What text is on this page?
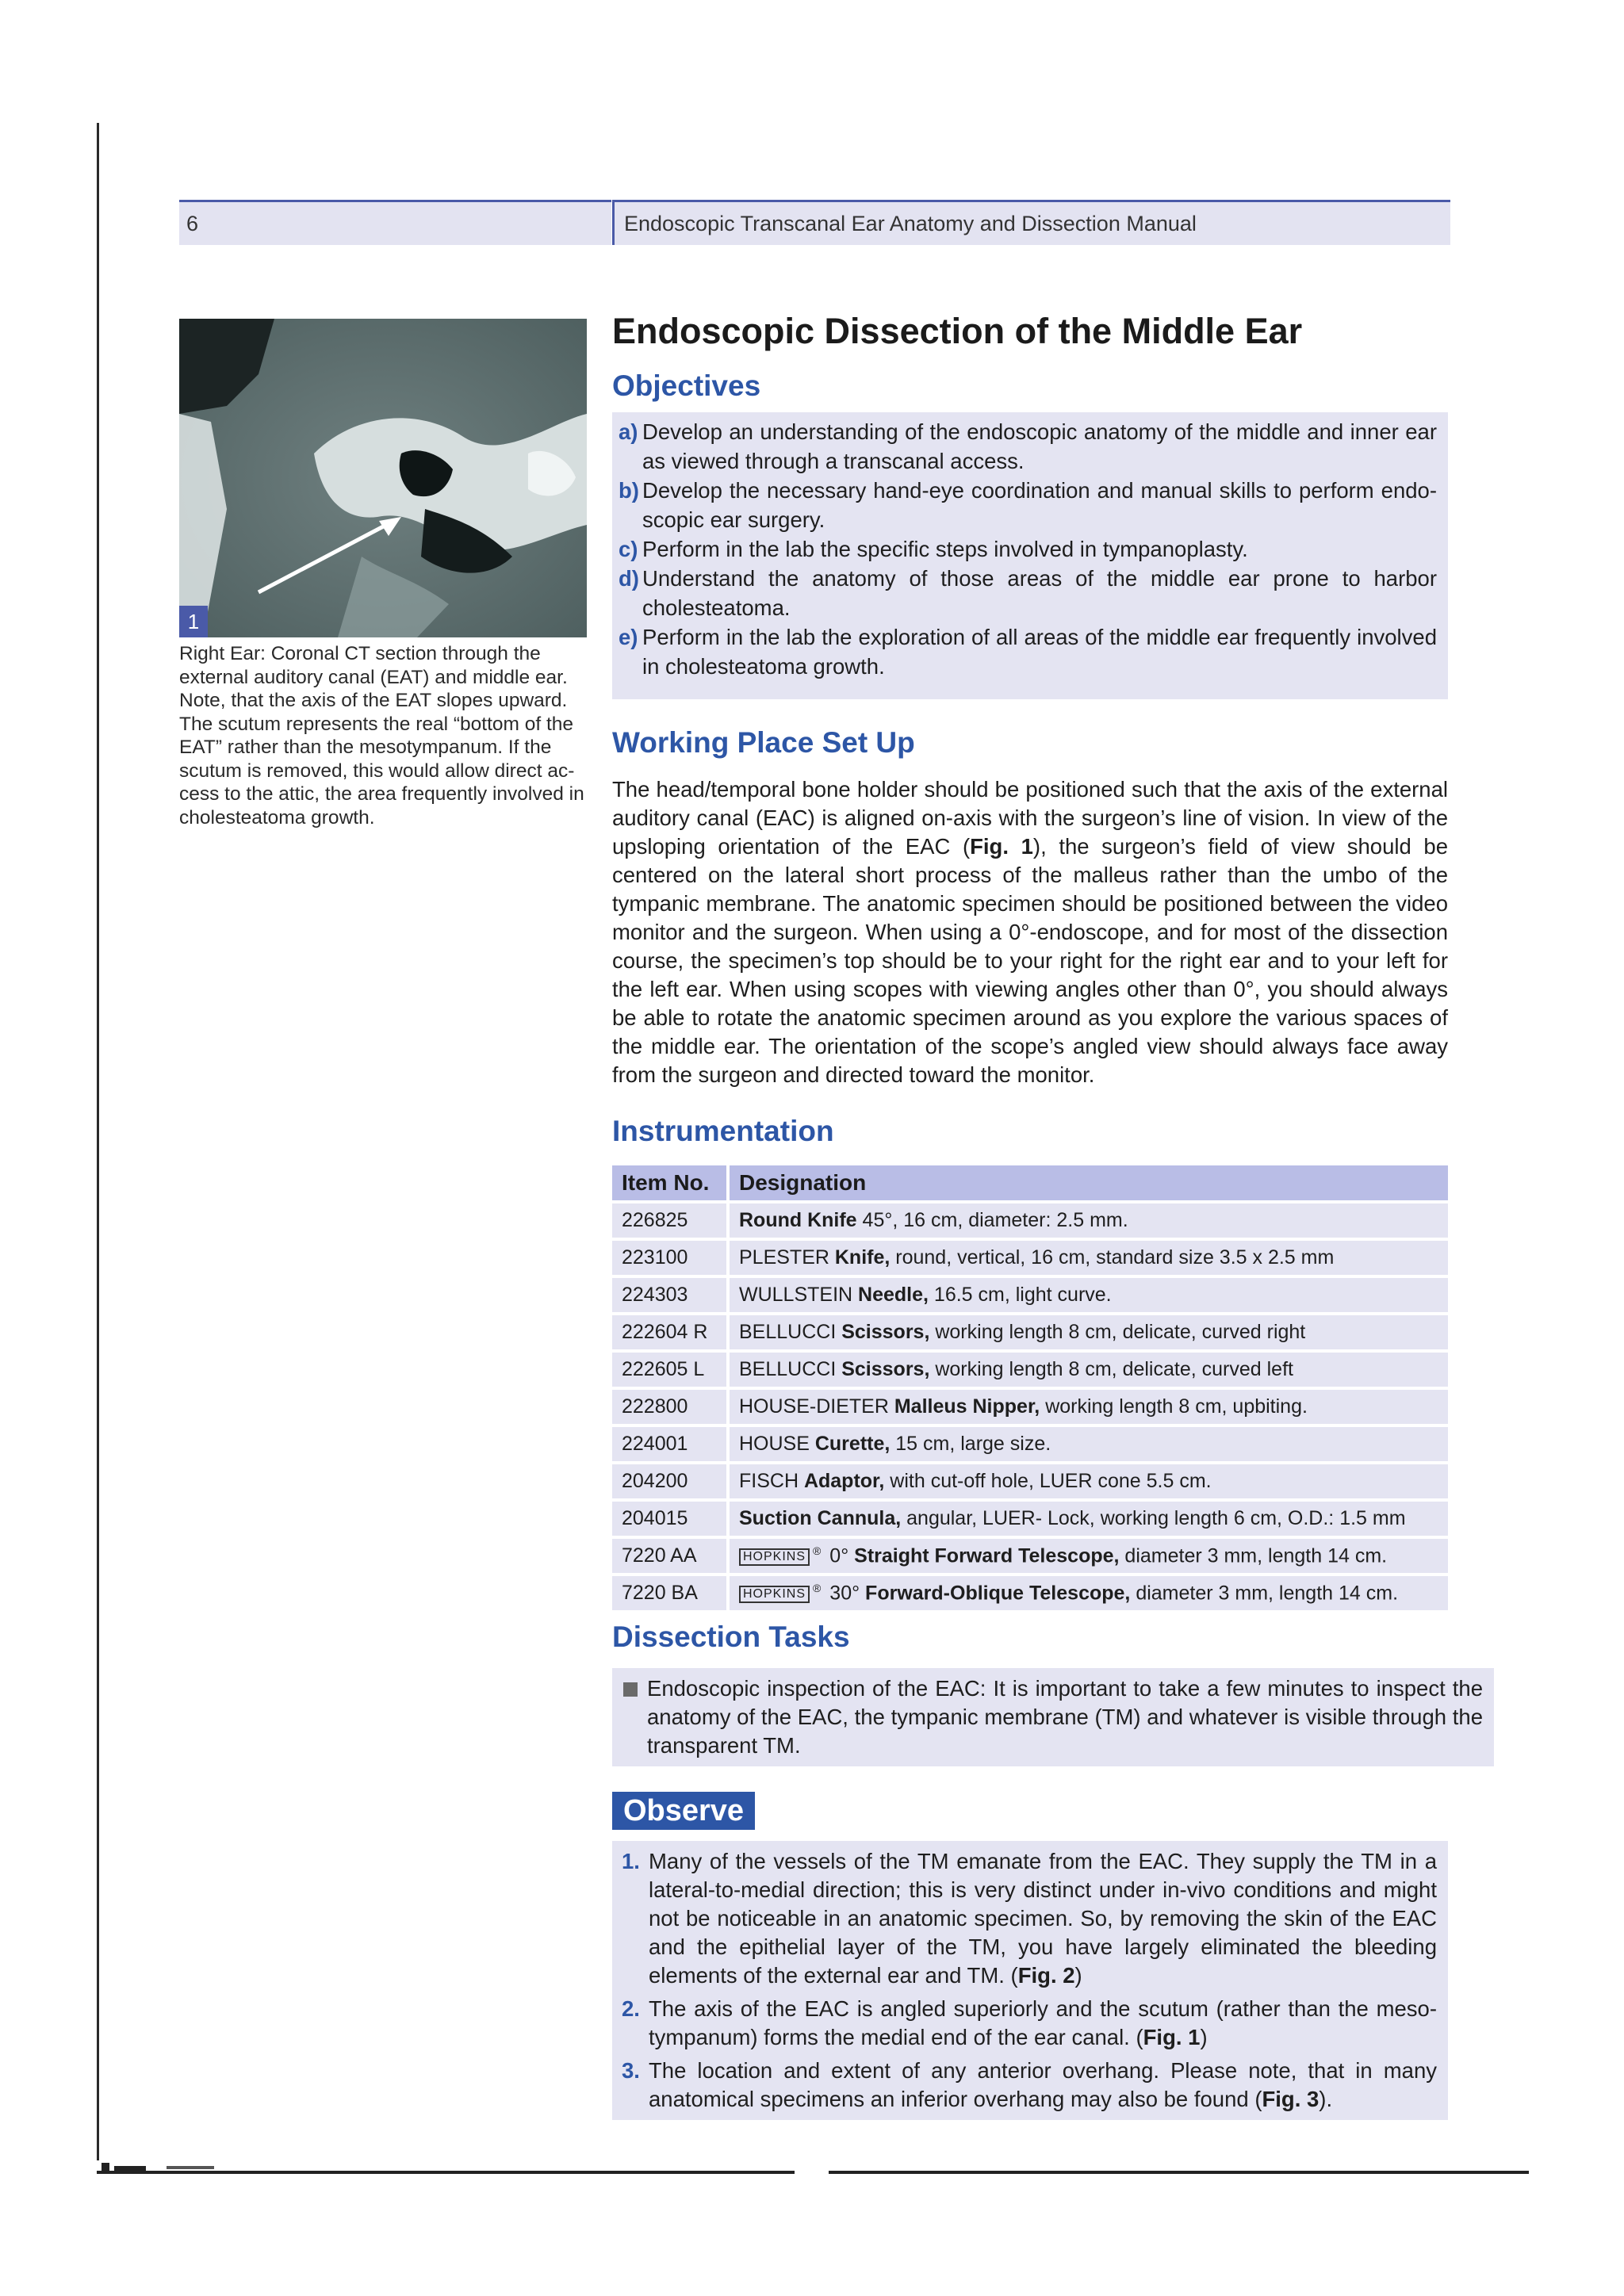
6	Endoscopic Transcanal Ear Anatomy and Dissection Manual
1
Right Ear: Coronal CT section through the external auditory canal (EAT) and middle ear. Note, that the axis of the EAT slopes upward. The scutum represents the real “bottom of the EAT” rather than the mesotympanum. If the scutum is removed, this would allow direct ac-cess to the attic, the area frequently involved in cholesteatoma growth.
Endoscopic Dissection of the Middle Ear
Objectives
a) Develop an understanding of the endoscopic anatomy of the middle and inner ear as viewed through a transcanal access.
b) Develop the necessary hand-eye coordination and manual skills to perform endo-scopic ear surgery.
c) Perform in the lab the specific steps involved in tympanoplasty.
d) Understand the anatomy of those areas of the middle ear prone to harbor cholesteatoma.
e) Perform in the lab the exploration of all areas of the middle ear frequently involved in cholesteatoma growth.
Working Place Set Up
The head/temporal bone holder should be positioned such that the axis of the external auditory canal (EAC) is aligned on-axis with the surgeon’s line of vision. In view of the upsloping orientation of the EAC (Fig. 1), the surgeon’s field of view should be centered on the lateral short process of the malleus rather than the umbo of the tympanic membrane. The anatomic specimen should be positioned between the video monitor and the surgeon. When using a 0°-endoscope, and for most of the dissection course, the specimen’s top should be to your right for the right ear and to your left for the left ear. When using scopes with viewing angles other than 0°, you should always be able to rotate the anatomic specimen around as you explore the various spaces of the middle ear. The orientation of the scope’s angled view should always face away from the surgeon and directed toward the monitor.
Instrumentation
Item No.	Designation
226825	Round Knife 45°, 16 cm, diameter: 2.5 mm.
223100	PLESTER Knife, round, vertical, 16 cm, standard size 3.5 x 2.5 mm
224303	WULLSTEIN Needle, 16.5 cm, light curve.
222604 R	BELLUCCI Scissors, working length 8 cm, delicate, curved right
222605 L	BELLUCCI Scissors, working length 8 cm, delicate, curved left
222800	HOUSE-DIETER Malleus Nipper, working length 8 cm, upbiting.
224001	HOUSE Curette, 15 cm, large size.
204200	FISCH Adaptor, with cut-off hole, LUER cone 5.5 cm.
204015	Suction Cannula, angular, LUER- Lock, working length 6 cm, O.D.: 1.5 mm
7220 AA	HOPKINS ® 0° Straight Forward Telescope, diameter 3 mm, length 14 cm.
7220 BA	HOPKINS ® 30° Forward-Oblique Telescope, diameter 3 mm, length 14 cm.
Dissection Tasks
Endoscopic inspection of the EAC: It is important to take a few minutes to inspect the anatomy of the EAC, the tympanic membrane (TM) and whatever is visible through the transparent TM.
Observe
1. Many of the vessels of the TM emanate from the EAC. They supply the TM in a lateral-to-medial direction; this is very distinct under in-vivo conditions and might not be noticeable in an anatomic specimen. So, by removing the skin of the EAC and the epithelial layer of the TM, you have largely eliminated the bleeding elements of the external ear and TM. (Fig. 2)
2. The axis of the EAC is angled superiorly and the scutum (rather than the meso-tympanum) forms the medial end of the ear canal. (Fig. 1)
3. The location and extent of any anterior overhang. Please note, that in many anatomical specimens an inferior overhang may also be found (Fig. 3).
